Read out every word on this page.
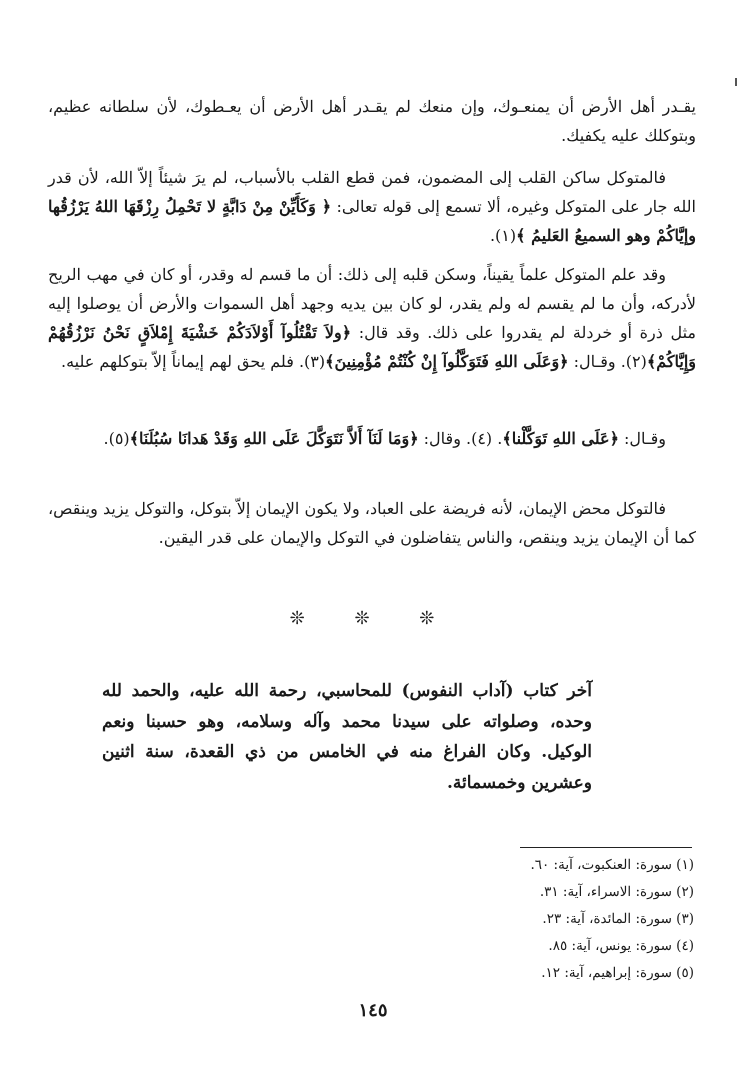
يقـدر أهل الأرض أن يمنعـوك، وإن منعك لم يقـدر أهل الأرض أن يعـطوك، لأن سلطانه عظيم، وبتوكلك عليه يكفيك.

فالمتوكل ساكن القلب إلى المضمون، فمن قطع القلب بالأسباب، لم يرَ شيئاً إلاّ الله، لأن قدر الله جار على المتوكل وغيره، ألا تسمع إلى قوله تعالى: ﴿ وَكَأَيِّنْ مِنْ دَابَّةٍ لا تَحْمِلُ رِزْقَهَا اللهُ يَرْزُقُها وإيَّاكُمْ وهو السميعُ العَليمُ ﴾(١).

وقد علم المتوكل علماً يقيناً، وسكن قلبه إلى ذلك: أن ما قسم له وقدر، أو كان في مهب الريح لأدركه، وأن ما لم يقسم له ولم يقدر، لو كان بين يديه وجهد أهل السموات والأرض أن يوصلوا إليه مثل ذرة أو خردلة لم يقدروا على ذلك. وقد قال: ﴿ولاَ تَقْتُلُوآ أَوْلاَدَكُمْ خَشْيَةَ إِمْلاَقٍ نَحْنُ نَرْزُقُهُمْ وَإِيَّاكُمْ﴾(٢). وقـال: ﴿وَعَلَى اللهِ فَتَوَكَّلُوآ إِنْ كُنْتُمْ مُؤْمِنِينَ﴾(٣). فلم يحق لهم إيماناً إلاّ بتوكلهم عليه.

وقـال: ﴿عَلَى اللهِ تَوَكَّلْنا﴾. (٤). وقال: ﴿وَمَا لَنَآ أَلاَّ نَتَوَكَّلَ عَلَى اللهِ وَقَدْ هَدانَا سُبُلَنَا﴾(٥).

فالتوكل محض الإيمان، لأنه فريضة على العباد، ولا يكون الإيمان إلاّ بتوكل، والتوكل يزيد وينقص، كما أن الإيمان يزيد وينقص، والناس يتفاضلون في التوكل والإيمان على قدر اليقين.

❊ ❊ ❊

آخر كتاب (آداب النفوس) للمحاسبي، رحمة الله عليه، والحمد لله وحده، وصلواته على سيدنا محمد وآله وسلامه، وهو حسبنا ونعم الوكيل. وكان الفراغ منه في الخامس من ذي القعدة، سنة اثنين وعشرين وخمسمائة.

(١) سورة: العنكبوت، آية: ٦٠.
(٢) سورة: الاسراء، آية: ٣١.
(٣) سورة: المائدة، آية: ٢٣.
(٤) سورة: يونس، آية: ٨٥.
(٥) سورة: إبراهيم، آية: ١٢.
١٤٥
